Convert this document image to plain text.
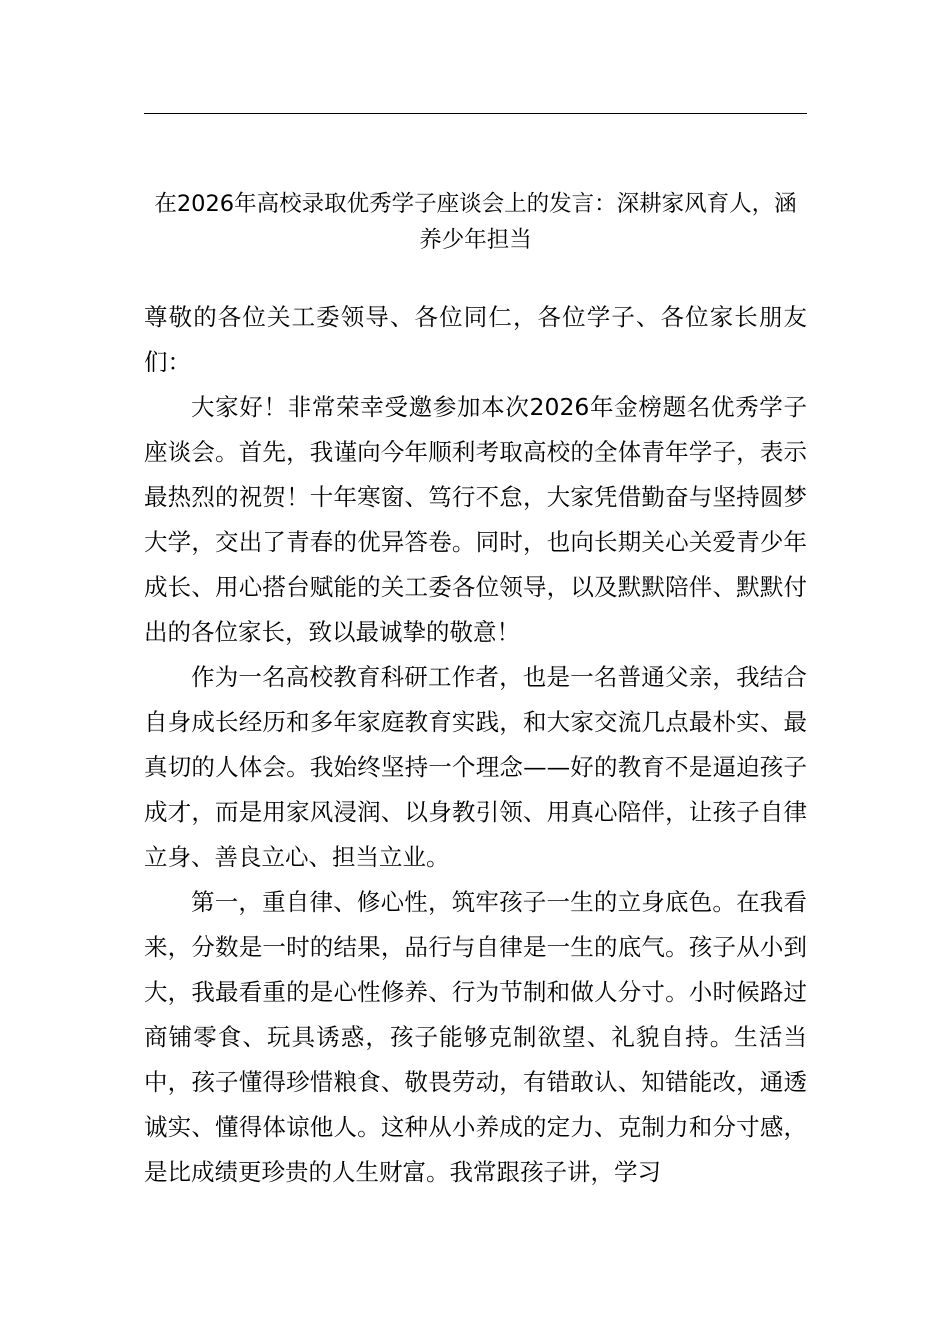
在2026年高校录取优秀学子座谈会上的发言：深耕家风育人，涵养少年担当

尊敬的各位关工委领导、各位同仁，各位学子、各位家长朋友们：

大家好！非常荣幸受邀参加本次2026年金榜题名优秀学子座谈会。首先，我谨向今年顺利考取高校的全体青年学子，表示最热烈的祝贺！十年寒窗、笃行不怠，大家凭借勤奋与坚持圆梦大学，交出了青春的优异答卷。同时，也向长期关心关爱青少年成长、用心搭台赋能的关工委各位领导，以及默默陪伴、默默付出的各位家长，致以最诚挚的敬意！

作为一名高校教育科研工作者，也是一名普通父亲，我结合自身成长经历和多年家庭教育实践，和大家交流几点最朴实、最真切的人体会。我始终坚持一个理念——好的教育不是逼迫孩子成才，而是用家风浸润、以身教引领、用真心陪伴，让孩子自律立身、善良立心、担当立业。

第一，重自律、修心性，筑牢孩子一生的立身底色。在我看来，分数是一时的结果，品行与自律是一生的底气。孩子从小到大，我最看重的是心性修养、行为节制和做人分寸。小时候路过商铺零食、玩具诱惑，孩子能够克制欲望、礼貌自持。生活当中，孩子懂得珍惜粮食、敬畏劳动，有错敢认、知错能改，通透诚实、懂得体谅他人。这种从小养成的定力、克制力和分寸感，是比成绩更珍贵的人生财富。我常跟孩子讲，学习
